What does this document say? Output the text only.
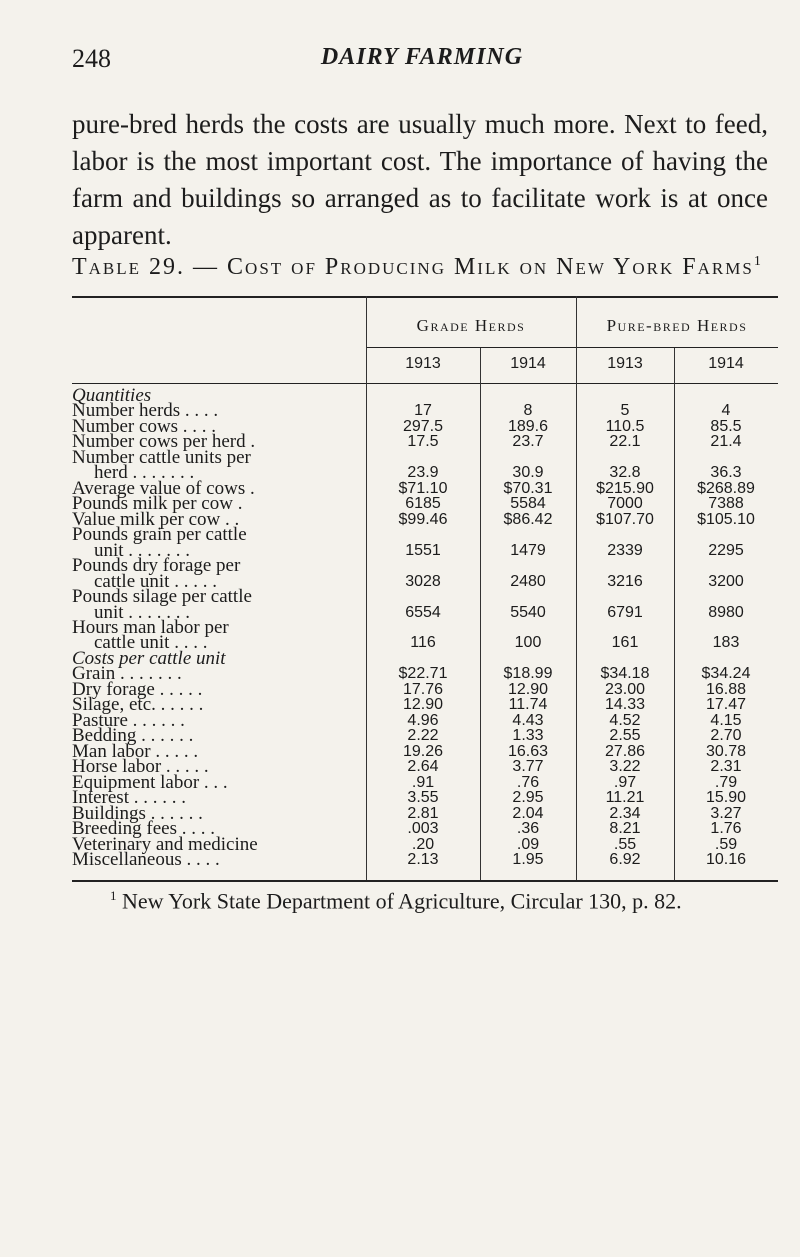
248	DAIRY FARMING

pure-bred herds the costs are usually much more. Next to feed, labor is the most important cost. The importance of having the farm and buildings so arranged as to facilitate work is at once apparent.

Table 29. — Cost of Producing Milk on New York Farms$^1$
Grade Herds	Pure-bred Herds
1913	1914	1913	1914
Quantities
Number herds . . . .	17	8	5	4
Number cows . . . .	297.5	189.6	110.5	85.5
Number cows per herd .	17.5	23.7	22.1	21.4
Number cattle units per
herd . . . . . . .	23.9	30.9	32.8	36.3
Average value of cows .	$71.10	$70.31	$215.90	$268.89
Pounds milk per cow .	6185	5584	7000	7388
Value milk per cow . .	$99.46	$86.42	$107.70	$105.10
Pounds grain per cattle
unit . . . . . . .	1551	1479	2339	2295
Pounds dry forage per
cattle unit . . . . .	3028	2480	3216	3200
Pounds silage per cattle
unit . . . . . . .	6554	5540	6791	8980
Hours man labor per
cattle unit . . . .	116	100	161	183
Costs per cattle unit
Grain . . . . . . .	$22.71	$18.99	$34.18	$34.24
Dry forage . . . . .	17.76	12.90	23.00	16.88
Silage, etc. . . . . .	12.90	11.74	14.33	17.47
Pasture . . . . . .	4.96	4.43	4.52	4.15
Bedding . . . . . .	2.22	1.33	2.55	2.70
Man labor . . . . .	19.26	16.63	27.86	30.78
Horse labor . . . . .	2.64	3.77	3.22	2.31
Equipment labor . . .	.91	.76	.97	.79
Interest . . . . . .	3.55	2.95	11.21	15.90
Buildings . . . . . .	2.81	2.04	2.34	3.27
Breeding fees . . . .	.003	.36	8.21	1.76
Veterinary and medicine	.20	.09	.55	.59
Miscellaneous . . . .	2.13	1.95	6.92	10.16
$^1$ New York State Department of Agriculture, Circular 130, p. 82.
